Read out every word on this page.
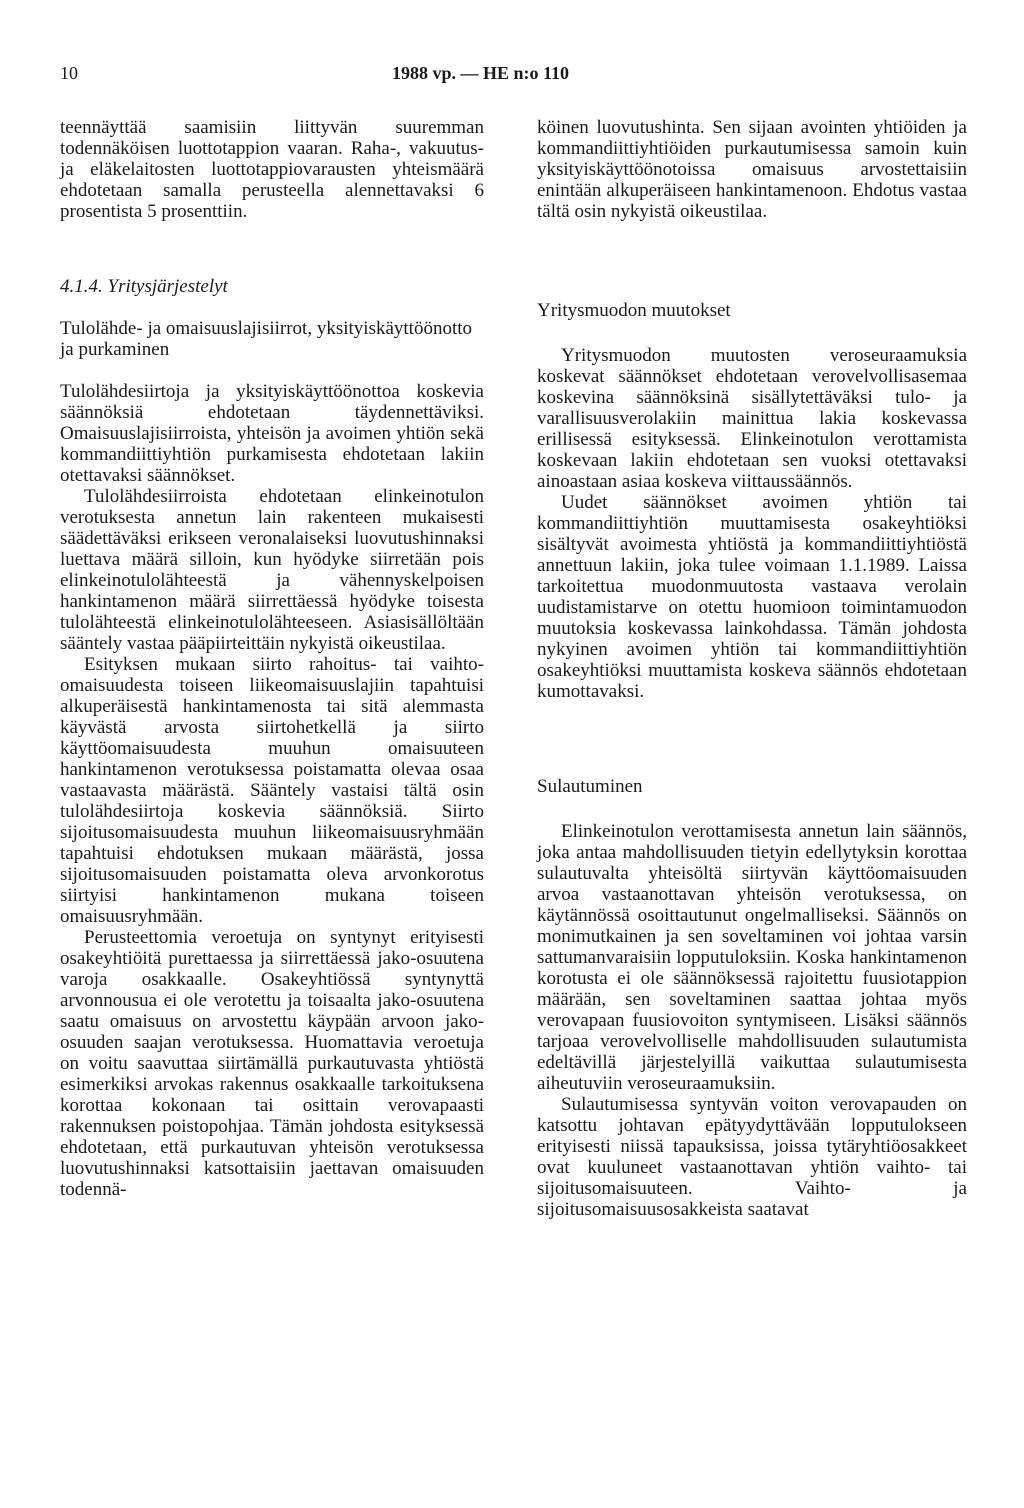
10	1988 vp. — HE n:o 110

teennäyttää saamisiin liittyvän suuremman todennäköisen luottotappion vaaran. Raha-, vakuutus- ja eläkelaitosten luottotappiovarausten yhteismäärä ehdotetaan samalla perusteella alennettavaksi 6 prosentista 5 prosenttiin.

köinen luovutushinta. Sen sijaan avointen yhtiöiden ja kommandiittiyhtiöiden purkautumisessa samoin kuin yksityiskäyttöönotoissa omaisuus arvostettaisiin enintään alkuperäiseen hankintamenoon. Ehdotus vastaa tältä osin nykyistä oikeustilaa.

4.1.4. Yritysjärjestelyt

Tulolähde- ja omaisuuslajisiirrot, yksityiskäyttöönotto ja purkaminen

Tulolähdesiirtoja ja yksityiskäyttöönottoa koskevia säännöksiä ehdotetaan täydennettäviksi. Omaisuuslajisiirroista, yhteisön ja avoimen yhtiön sekä kommandiittiyhtiön purkamisesta ehdotetaan lakiin otettavaksi säännökset.

Tulolähdesiirroista ehdotetaan elinkeinotulon verotuksesta annetun lain rakenteen mukaisesti säädettäväksi erikseen veronalaiseksi luovutushinnaksi luettava määrä silloin, kun hyödyke siirretään pois elinkeinotulolähteestä ja vähennyskelpoisen hankintamenon määrä siirrettäessä hyödyke toisesta tulolähteestä elinkeinotulolähteeseen. Asiasisällöltään sääntely vastaa pääpiirteittäin nykyistä oikeustilaa.

Esityksen mukaan siirto rahoitus- tai vaihto-omaisuudesta toiseen liikeomaisuuslajiin tapahtuisi alkuperäisestä hankintamenosta tai sitä alemmasta käyvästä arvosta siirtohetkellä ja siirto käyttöomaisuudesta muuhun omaisuuteen hankintamenon verotuksessa poistamatta olevaa osaa vastaavasta määrästä. Sääntely vastaisi tältä osin tulolähdesiirtoja koskevia säännöksiä. Siirto sijoitusomaisuudesta muuhun liikeomaisuusryhmään tapahtuisi ehdotuksen mukaan määrästä, jossa sijoitusomaisuuden poistamatta oleva arvonkorotus siirtyisi hankintamenon mukana toiseen omaisuusryhmään.

Perusteettomia veroetuja on syntynyt erityisesti osakeyhtiöitä purettaessa ja siirrettäessä jako-osuutena varoja osakkaalle. Osakeyhtiössä syntynyttä arvonnousua ei ole verotettu ja toisaalta jako-osuutena saatu omaisuus on arvostettu käypään arvoon jako-osuuden saajan verotuksessa. Huomattavia veroetuja on voitu saavuttaa siirtämällä purkautuvasta yhtiöstä esimerkiksi arvokas rakennus osakkaalle tarkoituksena korottaa kokonaan tai osittain verovapaasti rakennuksen poistopohjaa. Tämän johdosta esityksessä ehdotetaan, että purkautuvan yhteisön verotuksessa luovutushinnaksi katsottaisiin jaettavan omaisuuden todennä-

Yritysmuodon muutokset

Yritysmuodon muutosten veroseuraamuksia koskevat säännökset ehdotetaan verovelvollisasemaa koskevina säännöksinä sisällytettäväksi tulo- ja varallisuusverolakiin mainittua lakia koskevassa erillisessä esityksessä. Elinkeinotulon verottamista koskevaan lakiin ehdotetaan sen vuoksi otettavaksi ainoastaan asiaa koskeva viittaussäännös.

Uudet säännökset avoimen yhtiön tai kommandiittiyhtiön muuttamisesta osakeyhtiöksi sisältyvät avoimesta yhtiöstä ja kommandiittiyhtiöstä annettuun lakiin, joka tulee voimaan 1.1.1989. Laissa tarkoitettua muodonmuutosta vastaava verolain uudistamistarve on otettu huomioon toimintamuodon muutoksia koskevassa lainkohdassa. Tämän johdosta nykyinen avoimen yhtiön tai kommandiittiyhtiön osakeyhtiöksi muuttamista koskeva säännös ehdotetaan kumottavaksi.

Sulautuminen

Elinkeinotulon verottamisesta annetun lain säännös, joka antaa mahdollisuuden tietyin edellytyksin korottaa sulautuvalta yhteisöltä siirtyvän käyttöomaisuuden arvoa vastaanottavan yhteisön verotuksessa, on käytännössä osoittautunut ongelmalliseksi. Säännös on monimutkainen ja sen soveltaminen voi johtaa varsin sattumanvaraisiin lopputuloksiin. Koska hankintamenon korotusta ei ole säännöksessä rajoitettu fuusiotappion määrään, sen soveltaminen saattaa johtaa myös verovapaan fuusiovoiton syntymiseen. Lisäksi säännös tarjoaa verovelvolliselle mahdollisuuden sulautumista edeltävillä järjestelyillä vaikuttaa sulautumisesta aiheutuviin veroseuraamuksiin.

Sulautumisessa syntyvän voiton verovapauden on katsottu johtavan epätyydyttävään lopputulokseen erityisesti niissä tapauksissa, joissa tytäryhtiöosakkeet ovat kuuluneet vastaanottavan yhtiön vaihto- tai sijoitusomaisuuteen. Vaihto- ja sijoitusomaisuusosakkeista saatavat
